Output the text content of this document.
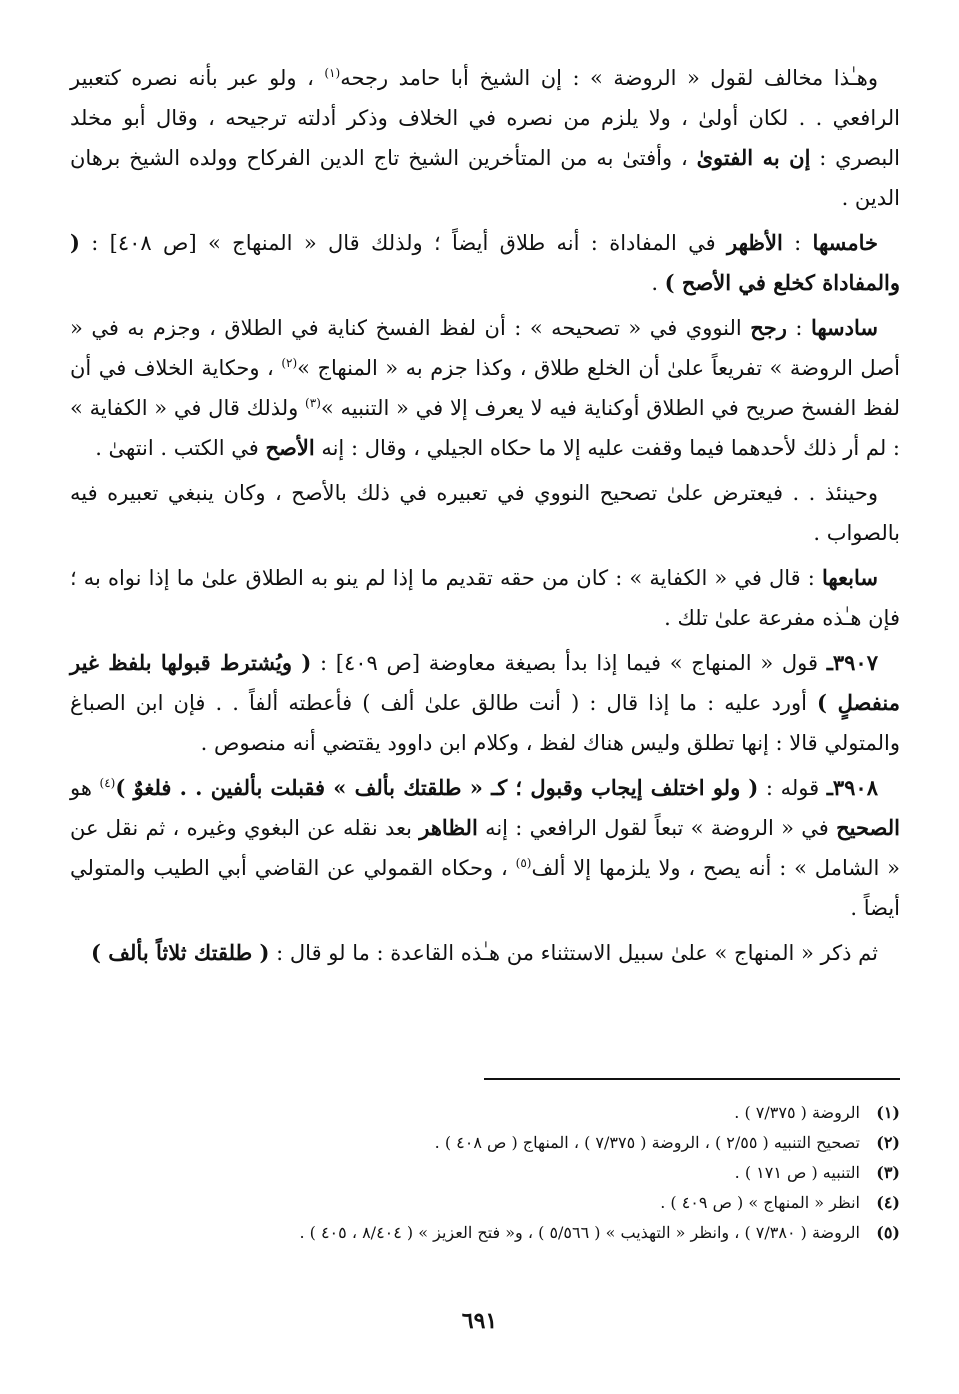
وهـٰذا مخالف لقول « الروضة » : إن الشيخ أبا حامد رجحه$^{(١)}$ ، ولو عبر بأنه نصره كتعبير الرافعي . . لكان أولىٰ ، ولا يلزم من نصره في الخلاف وذكر أدلته ترجيحه ، وقال أبو مخلد البصري : إن به الفتوىٰ ، وأفتىٰ به من المتأخرين الشيخ تاج الدين الفركاح وولده الشيخ برهان الدين .

خامسها : الأظهر في المفاداة : أنه طلاق أيضاً ؛ ولذلك قال « المنهاج » [ص ٤٠٨] : ( والمفاداة كخلع في الأصح ) .

سادسها : رجح النووي في « تصحيحه » : أن لفظ الفسخ كناية في الطلاق ، وجزم به في « أصل الروضة » تفريعاً علىٰ أن الخلع طلاق ، وكذا جزم به « المنهاج »$^{(٢)}$ ، وحكاية الخلاف في أن لفظ الفسخ صريح في الطلاق أوكناية فيه لا يعرف إلا في « التنبيه »$^{(٣)}$ ولذلك قال في « الكفاية » : لم أر ذلك لأحدهما فيما وقفت عليه إلا ما حكاه الجيلي ، وقال : إنه الأصح في الكتب . انتهىٰ .

وحينئذ . . فيعترض علىٰ تصحيح النووي في تعبيره في ذلك بالأصح ، وكان ينبغي تعبيره فيه بالصواب .

سابعها : قال في « الكفاية » : كان من حقه تقديم ما إذا لم ينو به الطلاق علىٰ ما إذا نواه به ؛ فإن هـٰذه مفرعة علىٰ تلك .

٣٩٠٧ـ قول « المنهاج » فيما إذا بدأ بصيغة معاوضة [ص ٤٠٩] : ( ويُشترط قبولها بلفظ غير منفصلٍ ) أورد عليه : ما إذا قال : ( أنت طالق علىٰ ألف ) فأعطته ألفاً . . فإن ابن الصباغ والمتولي قالا : إنها تطلق وليس هناك لفظ ، وكلام ابن داوود يقتضي أنه منصوص .

٣٩٠٨ـ قوله : ( ولو اختلف إيجاب وقبول ؛ كـ « طلقتك بألف » فقبلت بألفين . . فلغوٌ )$^{(٤)}$ هو الصحيح في « الروضة » تبعاً لقول الرافعي : إنه الظاهر بعد نقله عن البغوي وغيره ، ثم نقل عن « الشامل » : أنه يصح ، ولا يلزمها إلا ألف$^{(٥)}$ ، وحكاه القمولي عن القاضي أبي الطيب والمتولي أيضاً .

ثم ذكر « المنهاج » علىٰ سبيل الاستثناء من هـٰذه القاعدة : ما لو قال : ( طلقتك ثلاثاً بألف )

(١)الروضة ( ٧/٣٧٥ ) .
(٢)تصحيح التنبيه ( ٢/٥٥ ) ، الروضة ( ٧/٣٧٥ ) ، المنهاج ( ص ٤٠٨ ) .
(٣)التنبيه ( ص ١٧١ ) .
(٤)انظر « المنهاج » ( ص ٤٠٩ ) .
(٥)الروضة ( ٧/٣٨٠ ) ، وانظر « التهذيب » ( ٥/٥٦٦ ) ، و« فتح العزيز » ( ٨/٤٠٤ ، ٤٠٥ ) .
٦٩١
